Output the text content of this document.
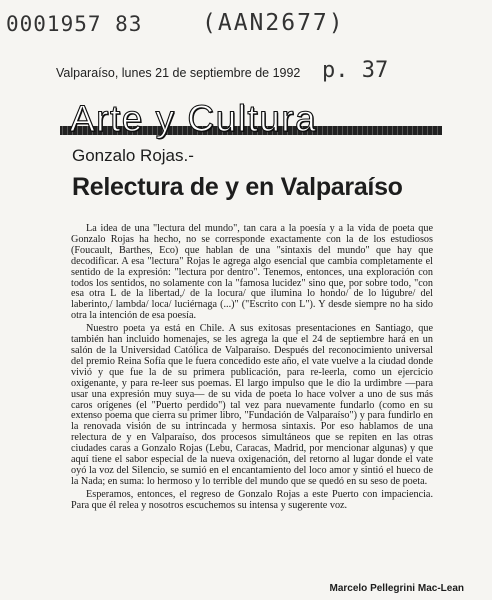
0001957 83	(AAN2677)
Valparaíso, lunes 21 de septiembre de 1992 p. 37
Arte y Cultura
Gonzalo Rojas.-
Relectura de y en Valparaíso

La idea de una "lectura del mundo", tan cara a la poesía y a la vida de poeta que Gonzalo Rojas ha hecho, no se corresponde exactamente con la de los estudiosos (Foucault, Barthes, Eco) que hablan de una "sintaxis del mundo" que hay que decodificar. A esa "lectura" Rojas le agrega algo esencial que cambia completamente el sentido de la expresión: "lectura por dentro". Tenemos, entonces, una exploración con todos los sentidos, no solamente con la "famosa lucidez" sino que, por sobre todo, "con esa otra L de la libertad,/ de la locura/ que ilumina lo hondo/ de lo lúgubre/ del laberinto,/ lambda/ loca/ luciérnaga (...)" ("Escrito con L"). Y desde siempre no ha sido otra la intención de esa poesía.

Nuestro poeta ya está en Chile. A sus exitosas presentaciones en Santiago, que también han incluido homenajes, se les agrega la que el 24 de septiembre hará en un salón de la Universidad Católica de Valparaíso. Después del reconocimiento universal del premio Reina Sofía que le fuera concedido este año, el vate vuelve a la ciudad donde vivió y que fue la de su primera publicación, para re-leerla, como un ejercicio oxigenante, y para re-leer sus poemas. El largo impulso que le dio la urdimbre —para usar una expresión muy suya— de su vida de poeta lo hace volver a uno de sus más caros orígenes (el "Puerto perdido") tal vez para nuevamente fundarlo (como en su extenso poema que cierra su primer libro, "Fundación de Valparaíso") y para fundirlo en la renovada visión de su intrincada y hermosa sintaxis. Por eso hablamos de una relectura de y en Valparaíso, dos procesos simultáneos que se repiten en las otras ciudades caras a Gonzalo Rojas (Lebu, Caracas, Madrid, por mencionar algunas) y que aquí tiene el sabor especial de la nueva oxigenación, del retorno al lugar donde el vate oyó la voz del Silencio, se sumió en el encantamiento del loco amor y sintió el hueco de la Nada; en suma: lo hermoso y lo terrible del mundo que se quedó en su seso de poeta.

Esperamos, entonces, el regreso de Gonzalo Rojas a este Puerto con impaciencia. Para que él relea y nosotros escuchemos su intensa y sugerente voz.

Marcelo Pellegrini Mac-Lean
